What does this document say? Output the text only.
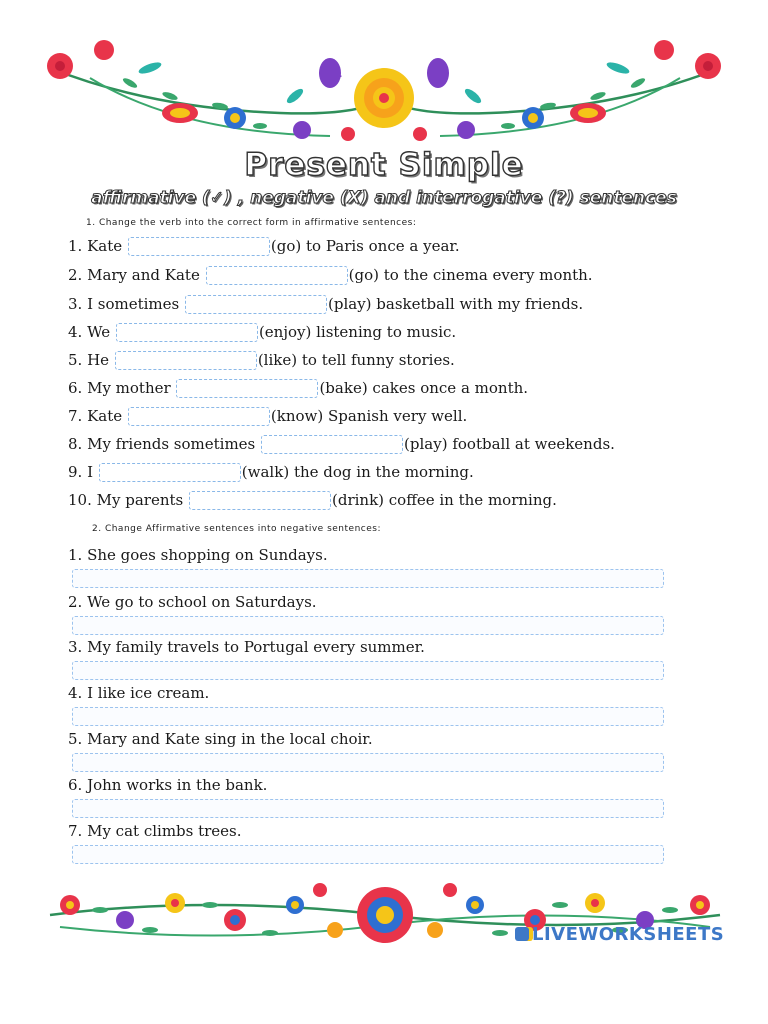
Present Simple
affirmative (✓) , negative (X) and interrogative (?) sentences
1. Change the verb into the correct form in affirmative sentences:
1. Kate	(go) to Paris once a year.
2. Mary and Kate	(go) to the cinema every month.
3. I sometimes	(play) basketball with my friends.
4. We	(enjoy) listening to music.
5. He	(like) to tell funny stories.
6. My mother	(bake) cakes once a month.
7. Kate	(know) Spanish very well.
8. My friends sometimes	(play) football at weekends.
9. I	(walk) the dog in the morning.
10. My parents	(drink) coffee in the morning.
2. Change Affirmative sentences into negative sentences:
1. She goes shopping on Sundays.
2. We go to school on Saturdays.
3. My family travels to Portugal every summer.
4. I like ice cream.
5. Mary and Kate sing in the local choir.
6. John works in the bank.
7. My cat climbs trees.
LIVEWORKSHEETS
